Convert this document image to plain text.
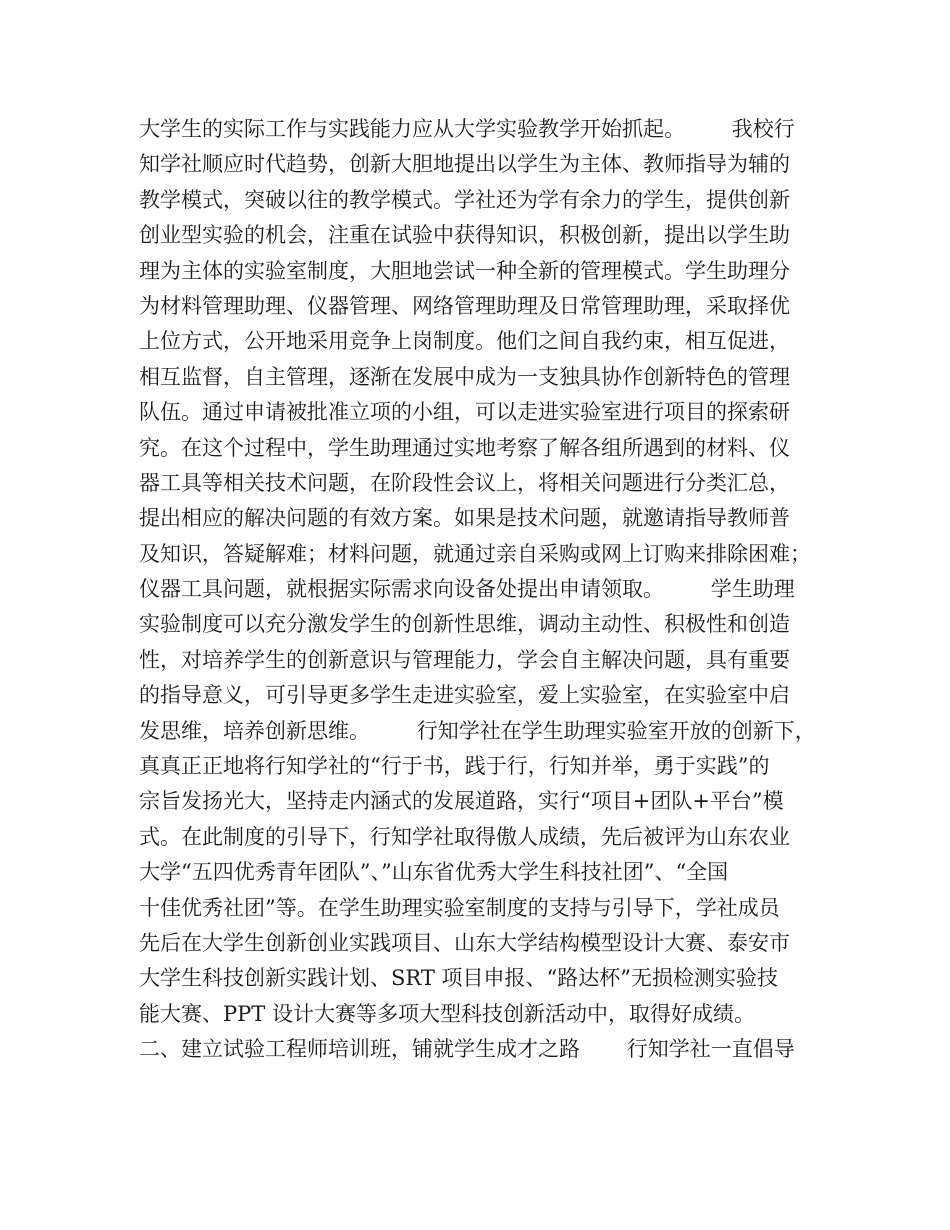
大学生的实际工作与实践能力应从大学实验教学开始抓起。       我校行
知学社顺应时代趋势，创新大胆地提出以学生为主体、教师指导为辅的
教学模式，突破以往的教学模式。学社还为学有余力的学生，提供创新
创业型实验的机会，注重在试验中获得知识，积极创新，提出以学生助
理为主体的实验室制度，大胆地尝试一种全新的管理模式。学生助理分
为材料管理助理、仪器管理、网络管理助理及日常管理助理，采取择优
上位方式，公开地采用竞争上岗制度。他们之间自我约束，相互促进，
相互监督，自主管理，逐渐在发展中成为一支独具协作创新特色的管理
队伍。通过申请被批准立项的小组，可以走进实验室进行项目的探索研
究。在这个过程中，学生助理通过实地考察了解各组所遇到的材料、仪
器工具等相关技术问题，在阶段性会议上，将相关问题进行分类汇总，
提出相应的解决问题的有效方案。如果是技术问题，就邀请指导教师普
及知识，答疑解难；材料问题，就通过亲自采购或网上订购来排除困难；
仪器工具问题，就根据实际需求向设备处提出申请领取。       学生助理
实验制度可以充分激发学生的创新性思维，调动主动性、积极性和创造
性，对培养学生的创新意识与管理能力，学会自主解决问题，具有重要
的指导意义，可引导更多学生走进实验室，爱上实验室，在实验室中启
发思维，培养创新思维。       行知学社在学生助理实验室开放的创新下，
真真正正地将行知学社的“行于书，践于行，行知并举，勇于实践”的
宗旨发扬光大，坚持走内涵式的发展道路，实行“项目+团队+平台”模
式。在此制度的引导下，行知学社取得傲人成绩，先后被评为山东农业
大学“五四优秀青年团队”、”山东省优秀大学生科技社团”、“全国
十佳优秀社团”等。在学生助理实验室制度的支持与引导下，学社成员
先后在大学生创新创业实践项目、山东大学结构模型设计大赛、泰安市
大学生科技创新实践计划、SRT 项目申报、“路达杯”无损检测实验技
能大赛、PPT 设计大赛等多项大型科技创新活动中，取得好成绩。
二、建立试验工程师培训班，铺就学生成才之路       行知学社一直倡导
